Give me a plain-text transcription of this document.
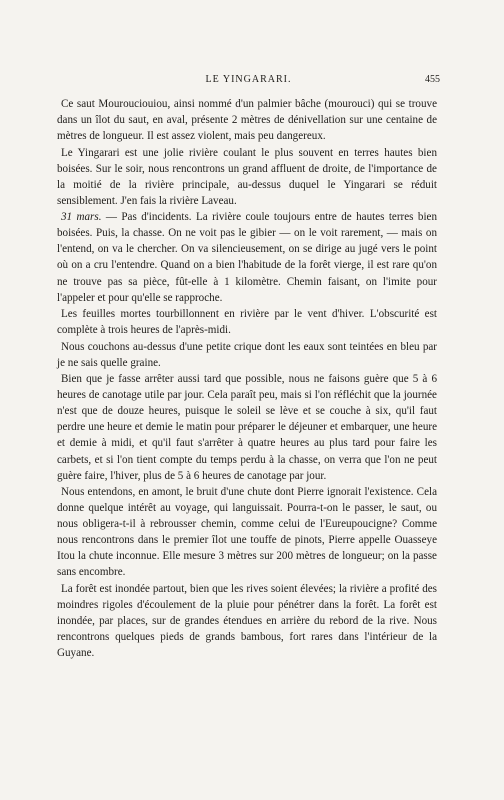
LE YINGARARI.	455

Ce saut Mourouciouiou, ainsi nommé d'un palmier bâche (mourouci) qui se trouve dans un îlot du saut, en aval, présente 2 mètres de dénivellation sur une centaine de mètres de longueur. Il est assez violent, mais peu dangereux.

Le Yingarari est une jolie rivière coulant le plus souvent en terres hautes bien boisées. Sur le soir, nous rencontrons un grand affluent de droite, de l'importance de la moitié de la rivière principale, au-dessus duquel le Yingarari se réduit sensiblement. J'en fais la rivière Laveau.

31 mars. — Pas d'incidents. La rivière coule toujours entre de hautes terres bien boisées. Puis, la chasse. On ne voit pas le gibier — on le voit rarement, — mais on l'entend, on va le chercher. On va silencieusement, on se dirige au jugé vers le point où on a cru l'entendre. Quand on a bien l'habitude de la forêt vierge, il est rare qu'on ne trouve pas sa pièce, fût-elle à 1 kilomètre. Chemin faisant, on l'imite pour l'appeler et pour qu'elle se rapproche.

Les feuilles mortes tourbillonnent en rivière par le vent d'hiver. L'obscurité est complète à trois heures de l'après-midi.

Nous couchons au-dessus d'une petite crique dont les eaux sont teintées en bleu par je ne sais quelle graine.

Bien que je fasse arrêter aussi tard que possible, nous ne faisons guère que 5 à 6 heures de canotage utile par jour. Cela paraît peu, mais si l'on réfléchit que la journée n'est que de douze heures, puisque le soleil se lève et se couche à six, qu'il faut perdre une heure et demie le matin pour préparer le déjeuner et embarquer, une heure et demie à midi, et qu'il faut s'arrêter à quatre heures au plus tard pour faire les carbets, et si l'on tient compte du temps perdu à la chasse, on verra que l'on ne peut guère faire, l'hiver, plus de 5 à 6 heures de canotage par jour.

Nous entendons, en amont, le bruit d'une chute dont Pierre ignorait l'existence. Cela donne quelque intérêt au voyage, qui languissait. Pourra-t-on le passer, le saut, ou nous obligera-t-il à rebrousser chemin, comme celui de l'Eureupoucigne? Comme nous rencontrons dans le premier îlot une touffe de pinots, Pierre appelle Ouasseye Itou la chute inconnue. Elle mesure 3 mètres sur 200 mètres de longueur; on la passe sans encombre.

La forêt est inondée partout, bien que les rives soient élevées; la rivière a profité des moindres rigoles d'écoulement de la pluie pour pénétrer dans la forêt. La forêt est inondée, par places, sur de grandes étendues en arrière du rebord de la rive. Nous rencontrons quelques pieds de grands bambous, fort rares dans l'intérieur de la Guyane.
